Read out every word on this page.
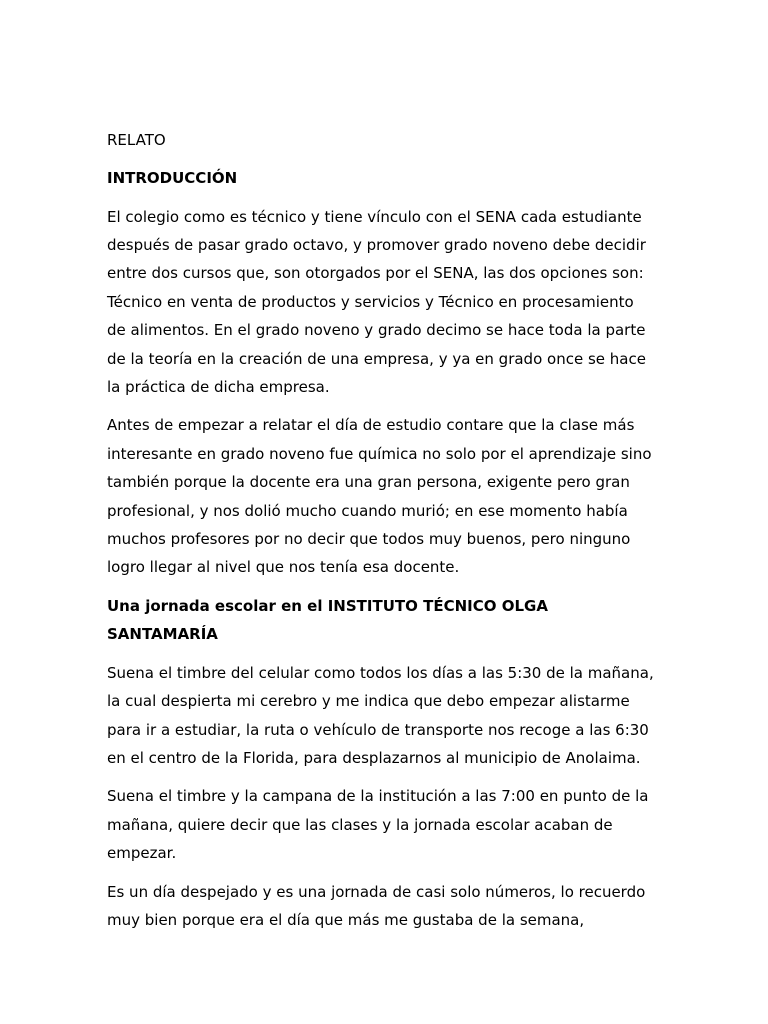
RELATO
INTRODUCCIÓN
El colegio como es técnico y tiene vínculo con el SENA cada estudiante
después de pasar grado octavo, y promover grado noveno debe decidir
entre dos cursos que, son otorgados por el SENA, las dos opciones son:
Técnico en venta de productos y servicios y Técnico en procesamiento
de alimentos. En el grado noveno y grado decimo se hace toda la parte
de la teoría en la creación de una empresa, y ya en grado once se hace
la práctica de dicha empresa.
Antes de empezar a relatar el día de estudio contare que la clase más
interesante en grado noveno fue química no solo por el aprendizaje sino
también porque la docente era una gran persona, exigente pero gran
profesional, y nos dolió mucho cuando murió; en ese momento había
muchos profesores por no decir que todos muy buenos, pero ninguno
logro llegar al nivel que nos tenía esa docente.
Una jornada escolar en el INSTITUTO TÉCNICO OLGA
SANTAMARÍA
Suena el timbre del celular como todos los días a las 5:30 de la mañana,
la cual despierta mi cerebro y me indica que debo empezar alistarme
para ir a estudiar, la ruta o vehículo de transporte nos recoge a las 6:30
en el centro de la Florida, para desplazarnos al municipio de Anolaima.
Suena el timbre y la campana de la institución a las 7:00 en punto de la
mañana, quiere decir que las clases y la jornada escolar acaban de
empezar.
Es un día despejado y es una jornada de casi solo números, lo recuerdo
muy bien porque era el día que más me gustaba de la semana,
